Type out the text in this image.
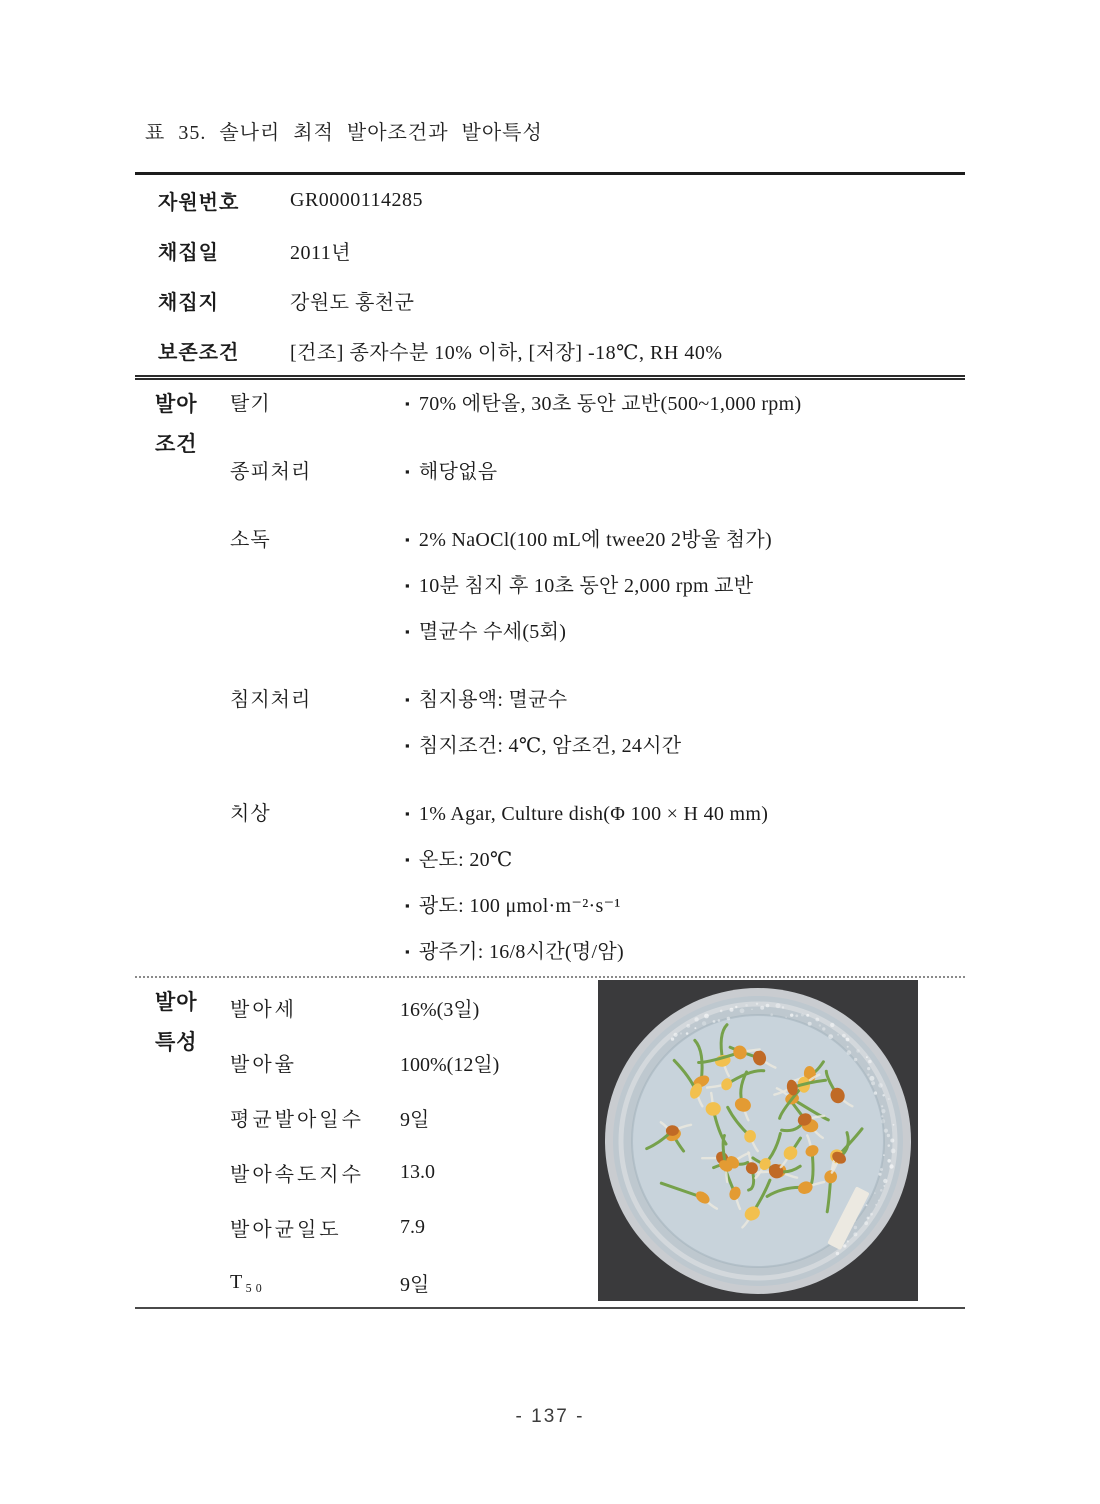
표 35. 솔나리 최적 발아조건과 발아특성
자원번호	GR0000114285
채집일	2011년
채집지	강원도 홍천군
보존조건	[건조] 종자수분 10% 이하, [저장] -18℃, RH 40%
발아
조건
탈기	▪ 70% 에탄올, 30초 동안 교반(500~1,000 rpm)
종피처리	▪ 해당없음
소독	▪ 2% NaOCl(100 mL에 twee20 2방울 첨가)
▪ 10분 침지 후 10초 동안 2,000 rpm 교반
▪ 멸균수 수세(5회)
침지처리	▪ 침지용액: 멸균수
▪ 침지조건: 4℃, 암조건, 24시간
치상	▪ 1% Agar, Culture dish(Φ 100 × H 40 mm)
▪ 온도: 20℃
▪ 광도: 100 μmol·m⁻²·s⁻¹
▪ 광주기: 16/8시간(명/암)
발아
특성
발아세	16%(3일)
발아율	100%(12일)
평균발아일수	9일
발아속도지수	13.0
발아균일도	7.9
T₅₀	9일
- 137 -
